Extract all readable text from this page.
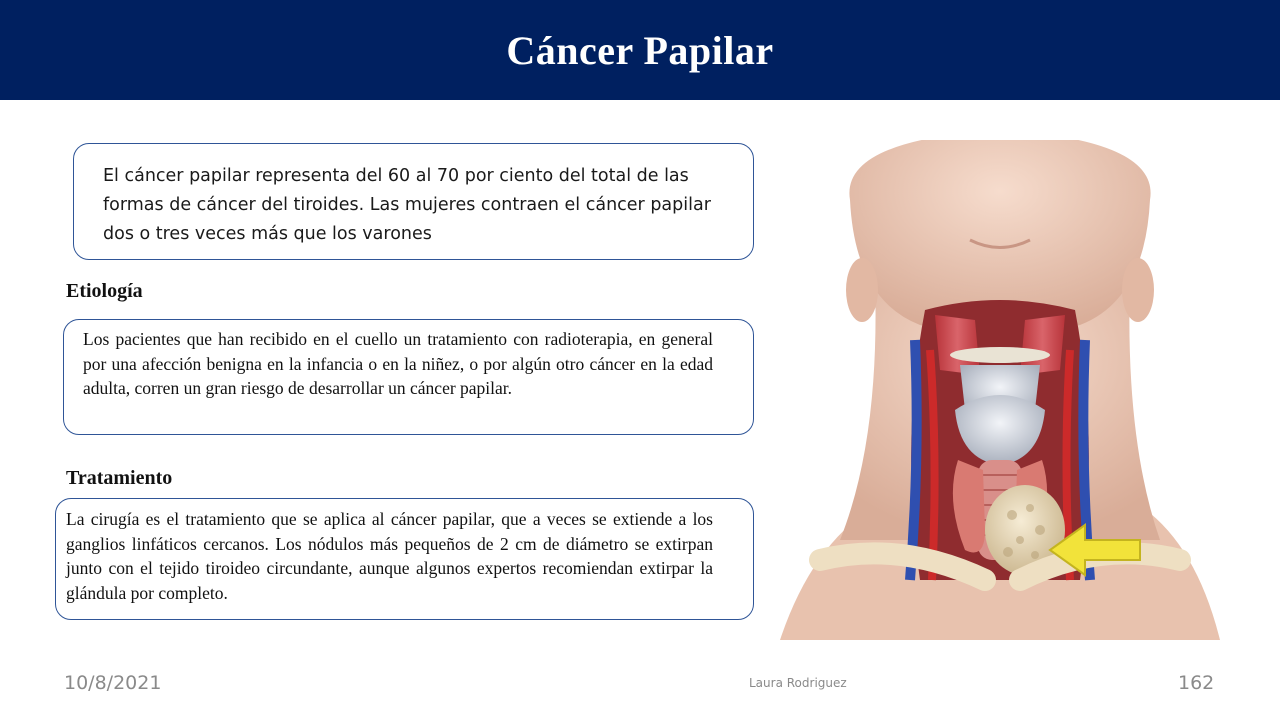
Cáncer Papilar

El cáncer papilar representa del 60 al 70 por ciento del total de las formas de cáncer del tiroides. Las mujeres contraen el cáncer papilar dos o tres veces más que los varones

Etiología

Los pacientes que han recibido en el cuello un tratamiento con radioterapia, en general por una afección benigna en la infancia o en la niñez, o por algún otro cáncer en la edad adulta, corren un gran riesgo de desarrollar un cáncer papilar.

Tratamiento

La cirugía es el tratamiento que se aplica al cáncer papilar, que a veces se extiende a los ganglios linfáticos cercanos. Los nódulos más pequeños de 2 cm de diámetro se extirpan junto con el tejido tiroideo circundante, aunque algunos expertos recomiendan extirpar la glándula por completo.

10/8/2021	Laura Rodriguez	162
